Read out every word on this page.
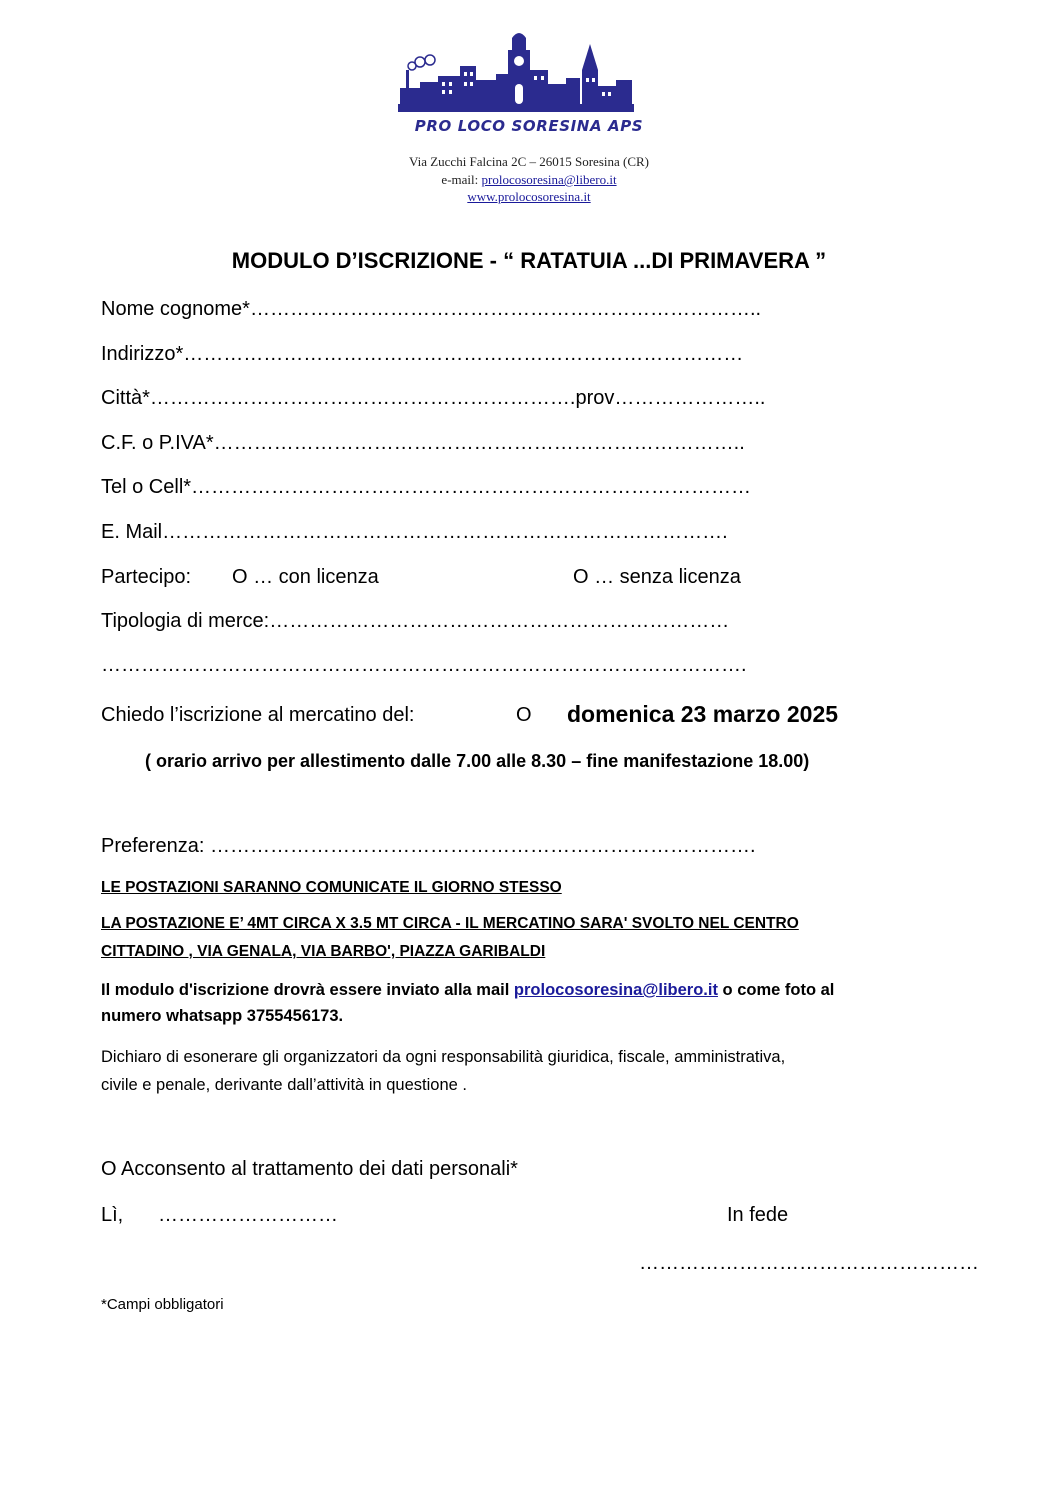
PRO LOCO SORESINA APS
Via Zucchi Falcina 2C – 26015 Soresina (CR)
e-mail: prolocosoresina@libero.it
www.prolocosoresina.it
MODULO D’ISCRIZIONE - “ RATATUIA ...DI PRIMAVERA ”
Nome cognome*…………………………………………………………………..
Indirizzo*…………………………………………………………………………
Città*……………………………………………………….prov…………………..
C.F. o P.IVA*……………………………………………………………………..
Tel o Cell*…………………………………………………………………………
E. Mail………………………………………………………………………….
Partecipo: O … con licenza	O … senza licenza
Tipologia di merce:……………………………………………………………
…………………………………………………………………………………….
Chiedo l’iscrizione al mercatino del:	O domenica 23 marzo 2025
( orario arrivo per allestimento dalle 7.00 alle 8.30 – fine manifestazione 18.00)
Preferenza: ……………………………………………………………………….
LE POSTAZIONI SARANNO COMUNICATE IL GIORNO STESSO
LA POSTAZIONE E’ 4MT CIRCA X 3.5 MT CIRCA - IL MERCATINO SARA' SVOLTO NEL CENTRO
CITTADINO , VIA GENALA, VIA BARBO', PIAZZA GARIBALDI
Il modulo d'iscrizione drovrà essere inviato alla mail prolocosoresina@libero.it o come foto al
numero whatsapp 3755456173.
Dichiaro di esonerare gli organizzatori da ogni responsabilità giuridica, fiscale, amministrativa,
civile e penale, derivante dall’attività in questione .
O Acconsento al trattamento dei dati personali*
Lì, ………………………	In fede
……………………………………………
*Campi obbligatori
